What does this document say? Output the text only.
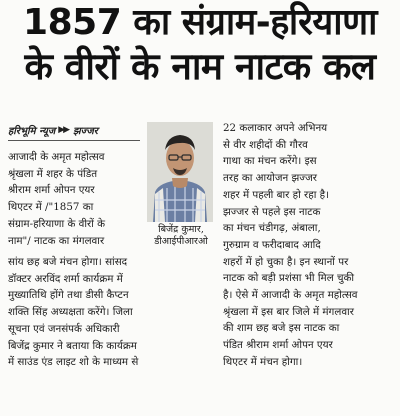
1857 का संग्राम-हरियाणा
के वीरों के नाम नाटक कल
हरिभूमि न्यूज ▶▶ झज्जर
आजादी के अमृत महोत्सव
श्रृंखला में शहर के पंडित
श्रीराम शर्मा ओपन एयर
थिएटर में /"1857 का
संग्राम-हरियाणा के वीरों के
नाम"/ नाटक का मंगलवार
बिजेंद्र कुमार,
डीआईपीआरओ
सांय छह बजे मंचन होगा। सांसद
डॉक्टर अरविंद शर्मा कार्यक्रम में
मुख्यातिथि होंगे तथा डीसी कैप्टन
शक्ति सिंह अध्यक्षता करेंगे। जिला
सूचना एवं जनसंपर्क अधिकारी
बिजेंद्र कुमार ने बताया कि कार्यक्रम
में साउंड एंड लाइट शो के माध्यम से
22 कलाकार अपने अभिनय
से वीर शहीदों की गौरव
गाथा का मंचन करेंगे। इस
तरह का आयोजन झज्जर
शहर में पहली बार हो रहा है।
झज्जर से पहले इस नाटक
का मंचन चंडीगढ़, अंबाला,
गुरुग्राम व फरीदाबाद आदि
शहरों में हो चुका है। इन स्थानों पर
नाटक को बड़ी प्रशंसा भी मिल चुकी
है। ऐसे में आजादी के अमृत महोत्सव
श्रृंखला में इस बार जिले में मंगलवार
की शाम छह बजे इस नाटक का
पंडित श्रीराम शर्मा ओपन एयर
थिएटर में मंचन होगा।
